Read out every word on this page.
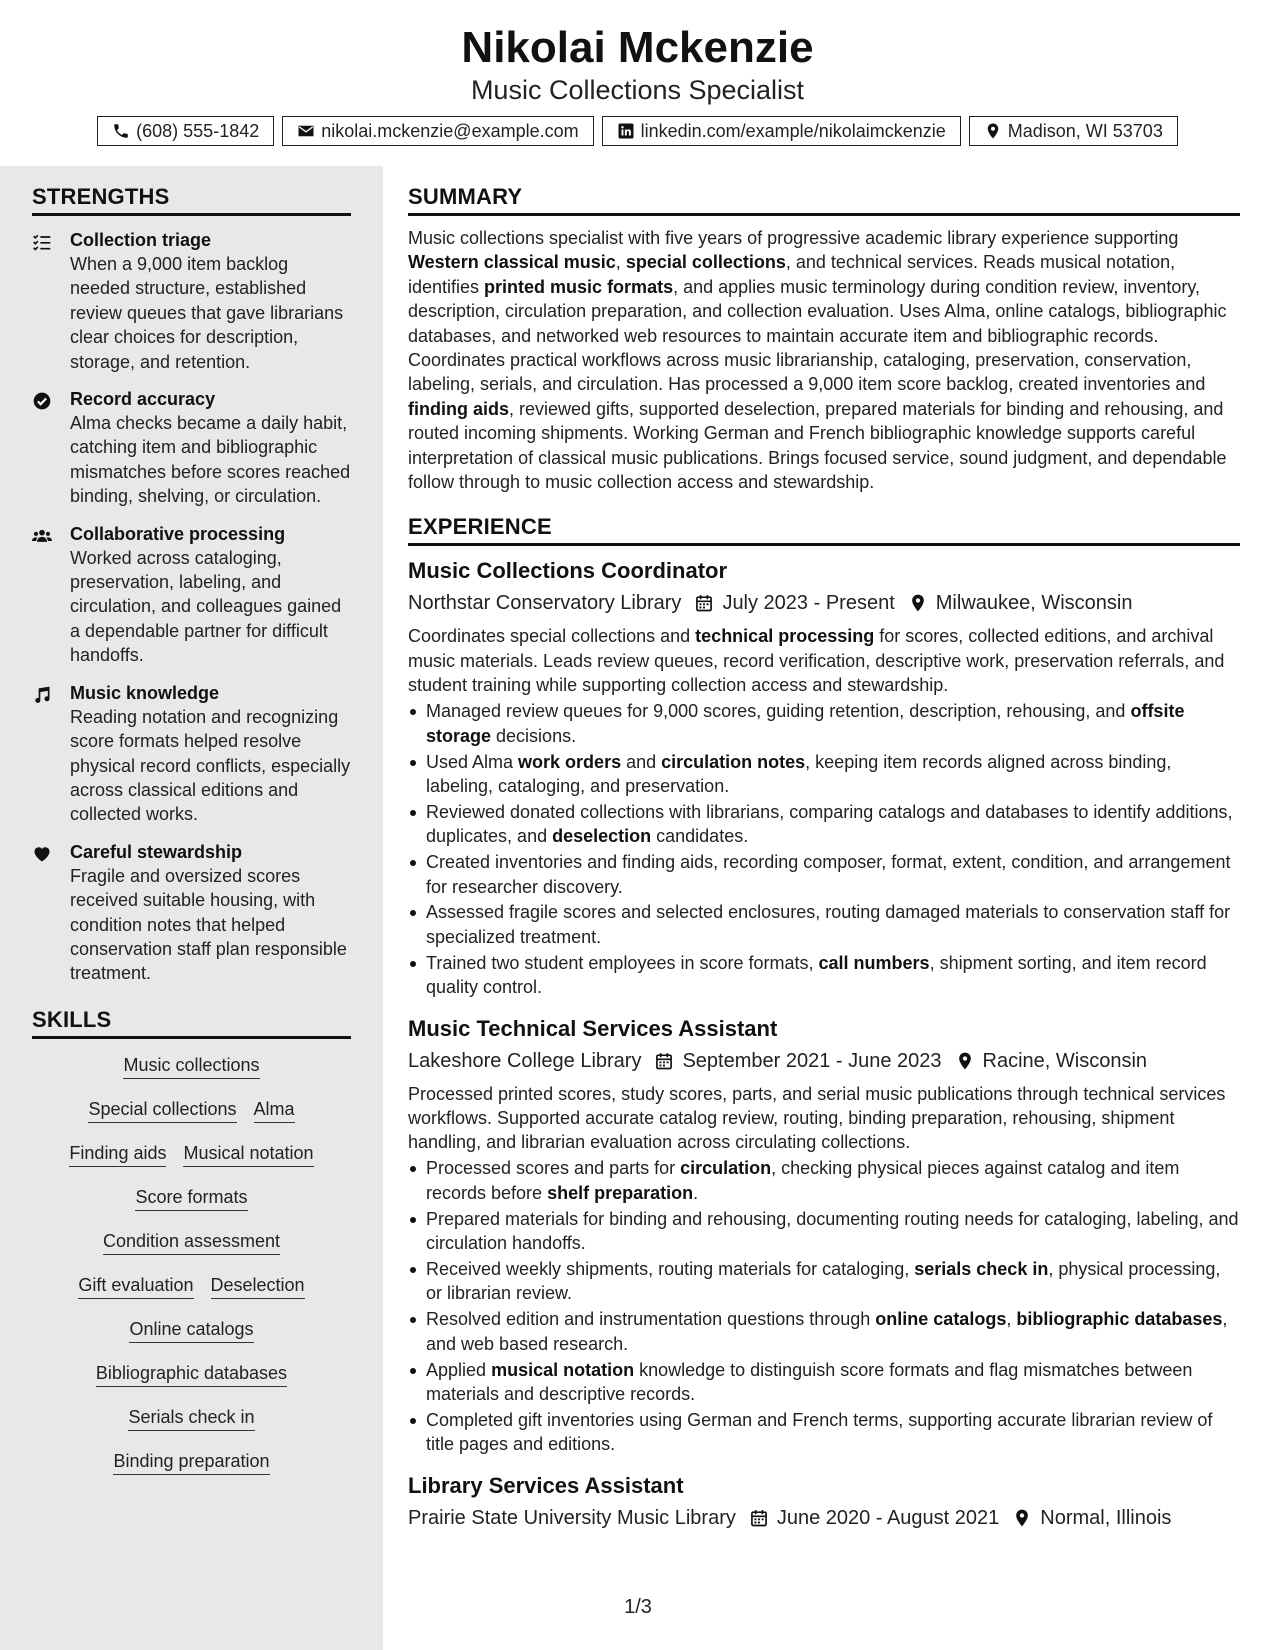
Nikolai Mckenzie
Music Collections Specialist
(608) 555-1842	nikolai.mckenzie@example.com	linkedin.com/example/nikolaimckenzie	Madison, WI 53703
STRENGTHS
Collection triage
When a 9,000 item backlog needed structure, established review queues that gave librarians clear choices for description, storage, and retention.
Record accuracy
Alma checks became a daily habit, catching item and bibliographic mismatches before scores reached binding, shelving, or circulation.
Collaborative processing
Worked across cataloging, preservation, labeling, and circulation, and colleagues gained a dependable partner for difficult handoffs.
Music knowledge
Reading notation and recognizing score formats helped resolve physical record conflicts, especially across classical editions and collected works.
Careful stewardship
Fragile and oversized scores received suitable housing, with condition notes that helped conservation staff plan responsible treatment.
SKILLS
Music collections
Special collections Alma
Finding aids Musical notation
Score formats
Condition assessment
Gift evaluation Deselection
Online catalogs
Bibliographic databases
Serials check in
Binding preparation
SUMMARY
Music collections specialist with five years of progressive academic library experience supporting Western classical music, special collections, and technical services. Reads musical notation, identifies printed music formats, and applies music terminology during condition review, inventory, description, circulation preparation, and collection evaluation. Uses Alma, online catalogs, bibliographic databases, and networked web resources to maintain accurate item and bibliographic records. Coordinates practical workflows across music librarianship, cataloging, preservation, conservation, labeling, serials, and circulation. Has processed a 9,000 item score backlog, created inventories and finding aids, reviewed gifts, supported deselection, prepared materials for binding and rehousing, and routed incoming shipments. Working German and French bibliographic knowledge supports careful interpretation of classical music publications. Brings focused service, sound judgment, and dependable follow through to music collection access and stewardship.
EXPERIENCE
Music Collections Coordinator
Northstar Conservatory Library July 2023 - Present Milwaukee, Wisconsin
Coordinates special collections and technical processing for scores, collected editions, and archival music materials. Leads review queues, record verification, descriptive work, preservation referrals, and student training while supporting collection access and stewardship.
Managed review queues for 9,000 scores, guiding retention, description, rehousing, and offsite storage decisions.
Used Alma work orders and circulation notes, keeping item records aligned across binding, labeling, cataloging, and preservation.
Reviewed donated collections with librarians, comparing catalogs and databases to identify additions, duplicates, and deselection candidates.
Created inventories and finding aids, recording composer, format, extent, condition, and arrangement for researcher discovery.
Assessed fragile scores and selected enclosures, routing damaged materials to conservation staff for specialized treatment.
Trained two student employees in score formats, call numbers, shipment sorting, and item record quality control.
Music Technical Services Assistant
Lakeshore College Library September 2021 - June 2023 Racine, Wisconsin
Processed printed scores, study scores, parts, and serial music publications through technical services workflows. Supported accurate catalog review, routing, binding preparation, rehousing, shipment handling, and librarian evaluation across circulating collections.
Processed scores and parts for circulation, checking physical pieces against catalog and item records before shelf preparation.
Prepared materials for binding and rehousing, documenting routing needs for cataloging, labeling, and circulation handoffs.
Received weekly shipments, routing materials for cataloging, serials check in, physical processing, or librarian review.
Resolved edition and instrumentation questions through online catalogs, bibliographic databases, and web based research.
Applied musical notation knowledge to distinguish score formats and flag mismatches between materials and descriptive records.
Completed gift inventories using German and French terms, supporting accurate librarian review of title pages and editions.
Library Services Assistant
Prairie State University Music Library June 2020 - August 2021 Normal, Illinois
1/3
